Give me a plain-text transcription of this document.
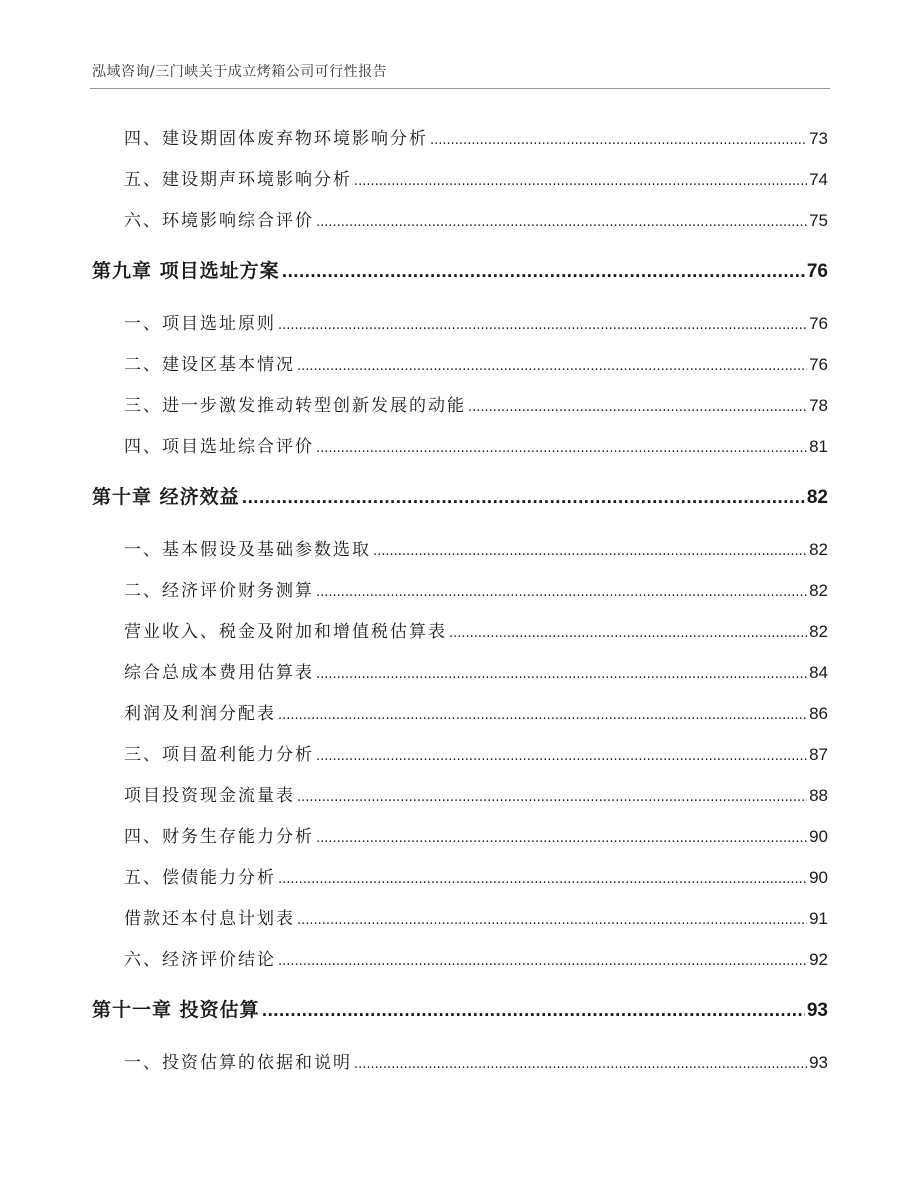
泓域咨询/三门峡关于成立烤箱公司可行性报告
四、 建设期固体废弃物环境影响分析 .....	73
五、 建设期声环境影响分析 .....	74
六、 环境影响综合评价 .....	75
第九章 项目选址方案 .....	76
一、 项目选址原则 .....	76
二、 建设区基本情况 .....	76
三、 进一步激发推动转型创新发展的动能 .....	78
四、 项目选址综合评价 .....	81
第十章 经济效益 .....	82
一、 基本假设及基础参数选取 .....	82
二、 经济评价财务测算 .....	82
营业收入、税金及附加和增值税估算表 .....	82
综合总成本费用估算表 .....	84
利润及利润分配表 .....	86
三、 项目盈利能力分析 .....	87
项目投资现金流量表 .....	88
四、 财务生存能力分析 .....	90
五、 偿债能力分析 .....	90
借款还本付息计划表 .....	91
六、 经济评价结论 .....	92
第十一章 投资估算 .....	93
一、 投资估算的依据和说明 .....	93
